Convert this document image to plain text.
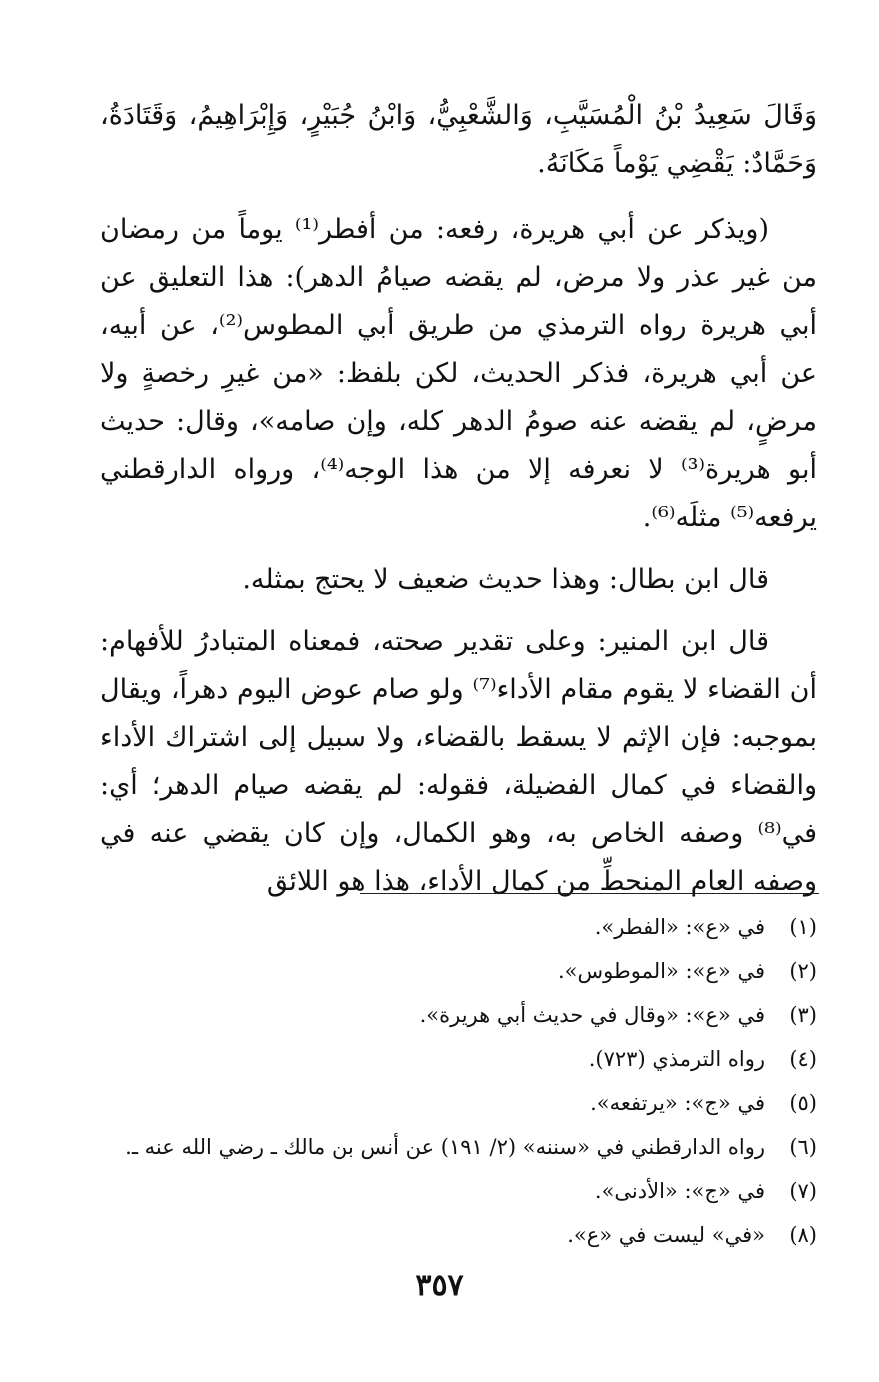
وَقَالَ سَعِيدُ بْنُ الْمُسَيَّبِ، وَالشَّعْبِيُّ، وَابْنُ جُبَيْرٍ، وَإِبْرَاهِيمُ، وَقَتَادَةُ، وَحَمَّادٌ: يَقْضِي يَوْماً مَكَانَهُ.

(ويذكر عن أبي هريرة، رفعه: من أفطر⁽¹⁾ يوماً من رمضان من غير عذر ولا مرض، لم يقضه صيامُ الدهر): هذا التعليق عن أبي هريرة رواه الترمذي من طريق أبي المطوس⁽²⁾، عن أبيه، عن أبي هريرة، فذكر الحديث، لكن بلفظ: «من غيرِ رخصةٍ ولا مرضٍ، لم يقضه عنه صومُ الدهر كله، وإن صامه»، وقال: حديث أبو هريرة⁽³⁾ لا نعرفه إلا من هذا الوجه⁽⁴⁾، ورواه الدارقطني يرفعه⁽⁵⁾ مثلَه⁽⁶⁾.

قال ابن بطال: وهذا حديث ضعيف لا يحتج بمثله.

قال ابن المنير: وعلى تقدير صحته، فمعناه المتبادرُ للأفهام: أن القضاء لا يقوم مقام الأداء⁽⁷⁾ ولو صام عوض اليوم دهراً، ويقال بموجبه: فإن الإثم لا يسقط بالقضاء، ولا سبيل إلى اشتراك الأداء والقضاء في كمال الفضيلة، فقوله: لم يقضه صيام الدهر؛ أي: في⁽⁸⁾ وصفه الخاص به، وهو الكمال، وإن كان يقضي عنه في وصفه العام المنحطِّ من كمال الأداء، هذا هو اللائق

(١)في «ع»: «الفطر».
(٢)في «ع»: «الموطوس».
(٣)في «ع»: «وقال في حديث أبي هريرة».
(٤)رواه الترمذي (٧٢٣).
(٥)في «ج»: «يرتفعه».
(٦)رواه الدارقطني في «سننه» (٢/ ١٩١) عن أنس بن مالك ـ رضي الله عنه ـ.
(٧)في «ج»: «الأدنى».
(٨)«في» ليست في «ع».
٣٥٧
